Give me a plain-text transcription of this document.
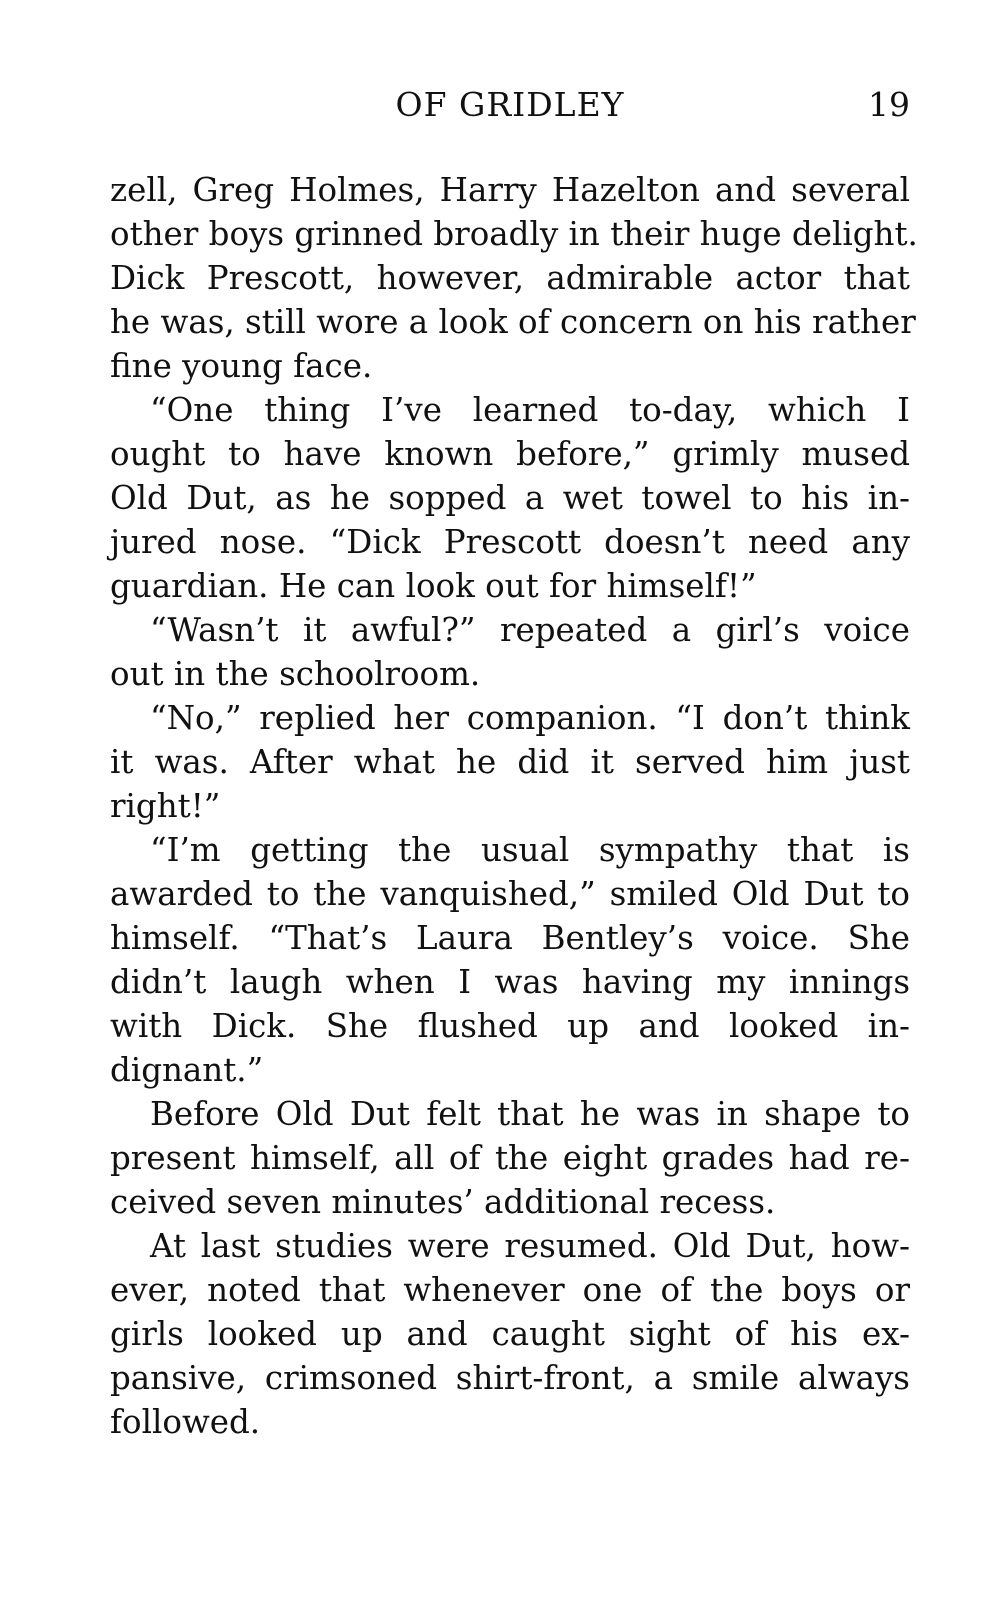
OF GRIDLEY	19
zell, Greg Holmes, Harry Hazelton and several
other boys grinned broadly in their huge delight.
Dick Prescott, however, admirable actor that
he was, still wore a look of concern on his rather
fine young face.
“One thing I’ve learned to-day, which I
ought to have known before,” grimly mused
Old Dut, as he sopped a wet towel to his in-
jured nose. “Dick Prescott doesn’t need any
guardian. He can look out for himself!”
“Wasn’t it awful?” repeated a girl’s voice
out in the schoolroom.
“No,” replied her companion. “I don’t think
it was. After what he did it served him just
right!”
“I’m getting the usual sympathy that is
awarded to the vanquished,” smiled Old Dut to
himself. “That’s Laura Bentley’s voice. She
didn’t laugh when I was having my innings
with Dick. She flushed up and looked in-
dignant.”
Before Old Dut felt that he was in shape to
present himself, all of the eight grades had re-
ceived seven minutes’ additional recess.
At last studies were resumed. Old Dut, how-
ever, noted that whenever one of the boys or
girls looked up and caught sight of his ex-
pansive, crimsoned shirt-front, a smile always
followed.
